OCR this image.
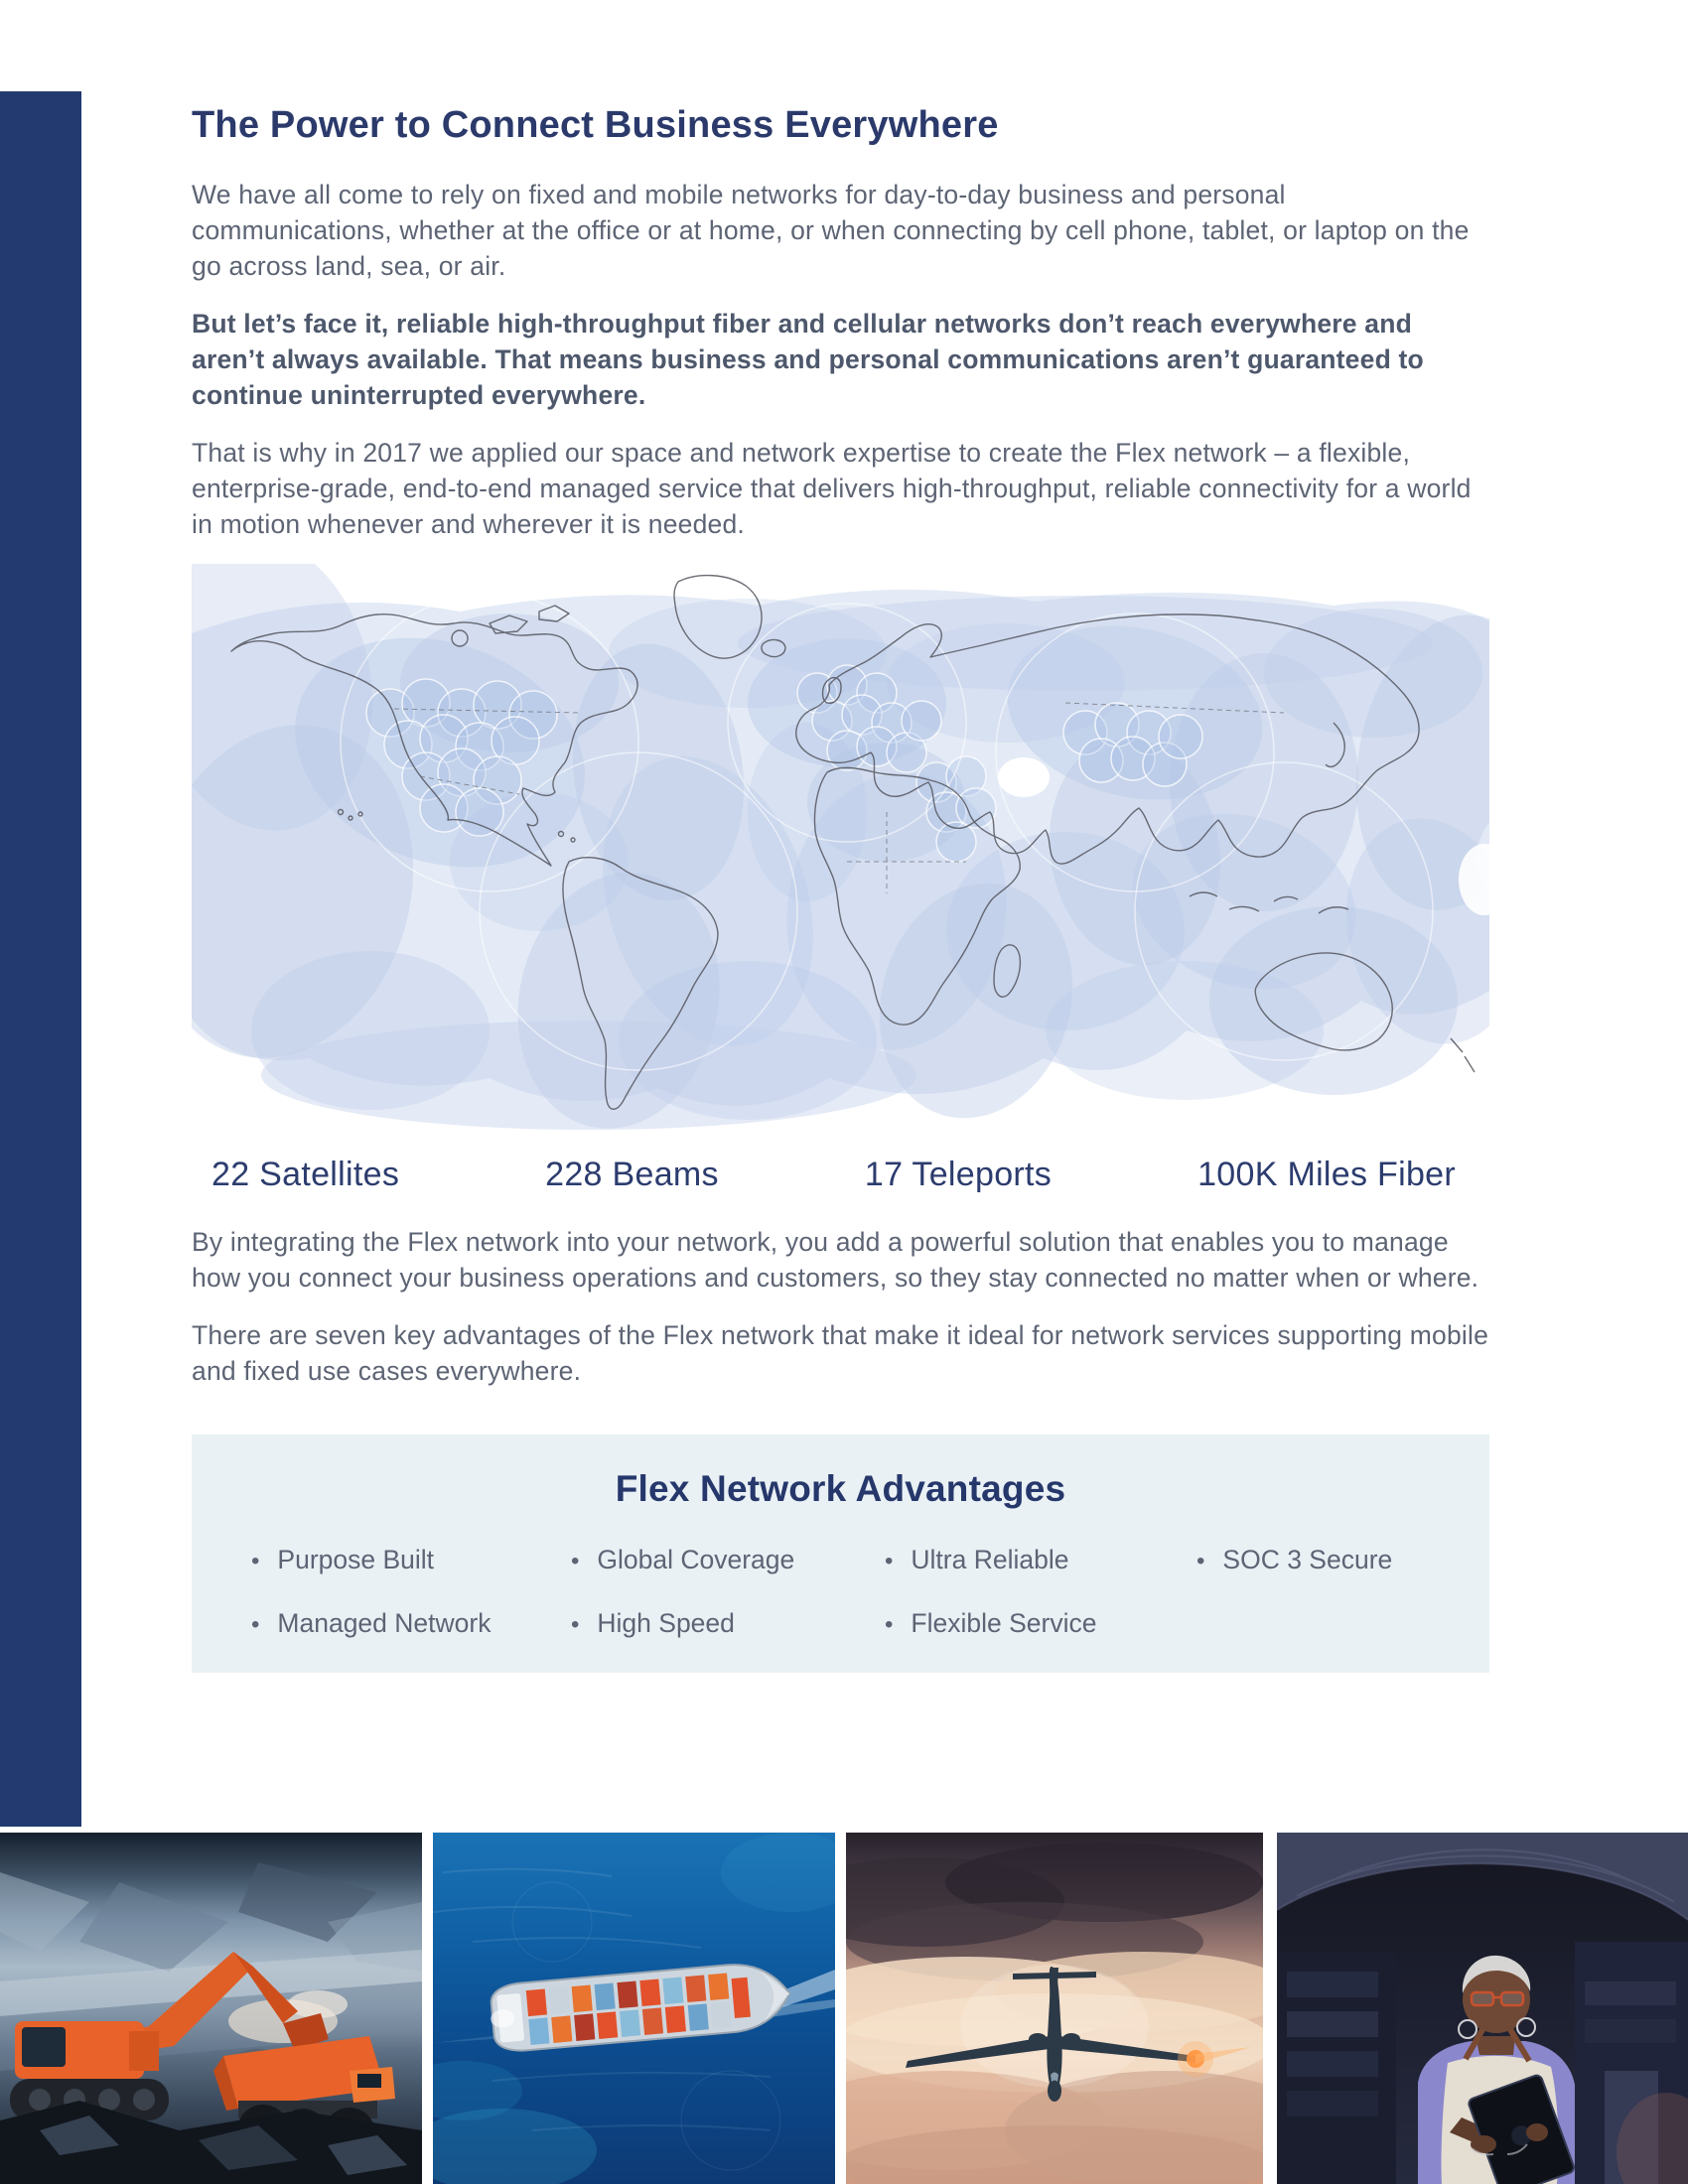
The Power to Connect Business Everywhere

We have all come to rely on fixed and mobile networks for day-to-day business and personal communications, whether at the office or at home, or when connecting by cell phone, tablet, or laptop on the go across land, sea, or air.

But let’s face it, reliable high-throughput fiber and cellular networks don’t reach everywhere and aren’t always available. That means business and personal communications aren’t guaranteed to continue uninterrupted everywhere.

That is why in 2017 we applied our space and network expertise to create the Flex network – a flexible, enterprise-grade, end-to-end managed service that delivers high-throughput, reliable connectivity for a world in motion whenever and wherever it is needed.

22 Satellites	228 Beams	17 Teleports	100K Miles Fiber

By integrating the Flex network into your network, you add a powerful solution that enables you to manage how you connect your business operations and customers, so they stay connected no matter when or where.

There are seven key advantages of the Flex network that make it ideal for network services supporting mobile and fixed use cases everywhere.

Flex Network Advantages
• Purpose Built	• Global Coverage	• Ultra Reliable	• SOC 3 Secure
• Managed Network	• High Speed	• Flexible Service
